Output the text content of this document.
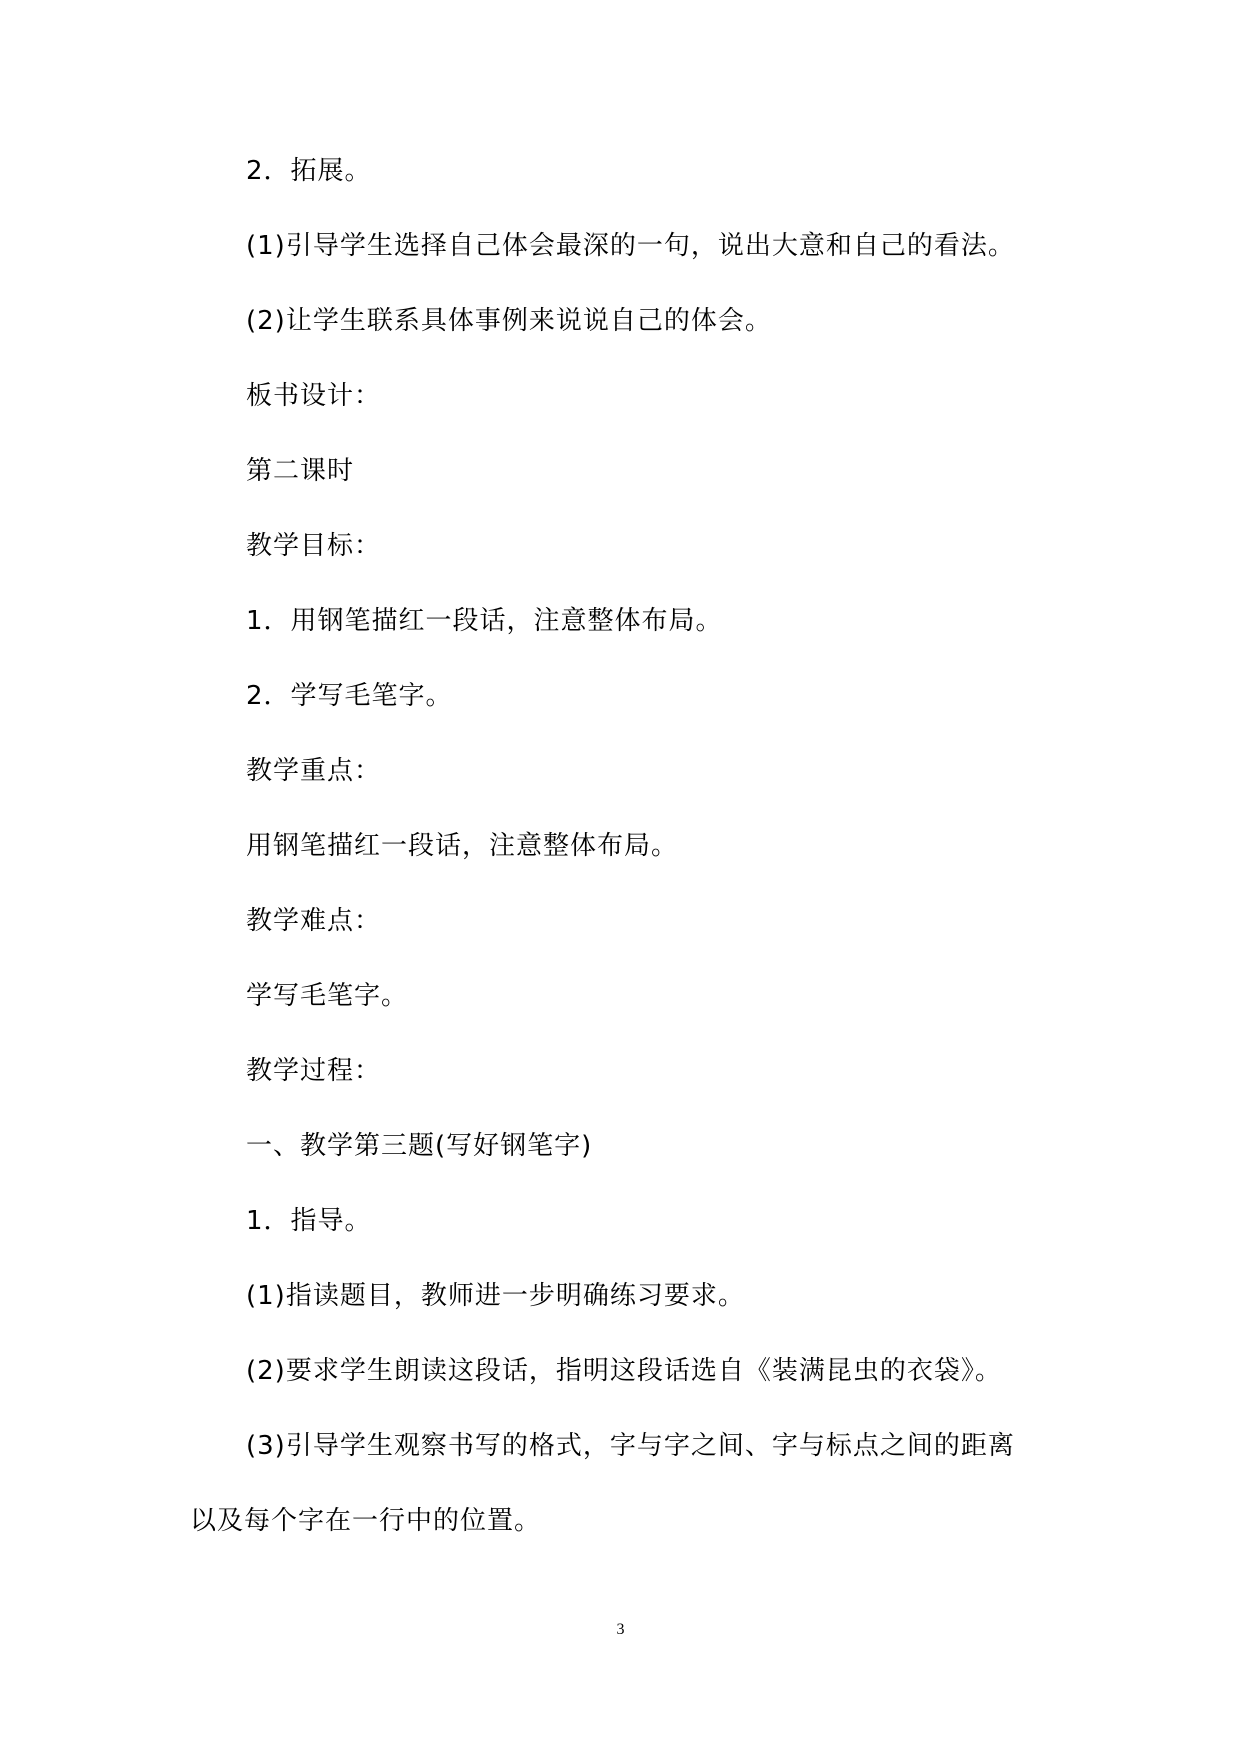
2．拓展。
(1)引导学生选择自己体会最深的一句，说出大意和自己的看法。
(2)让学生联系具体事例来说说自己的体会。
板书设计：
第二课时
教学目标：
1．用钢笔描红一段话，注意整体布局。
2．学写毛笔字。
教学重点：
用钢笔描红一段话，注意整体布局。
教学难点：
学写毛笔字。
教学过程：
一、教学第三题(写好钢笔字)
1．指导。
(1)指读题目，教师进一步明确练习要求。
(2)要求学生朗读这段话，指明这段话选自《装满昆虫的衣袋》。
(3)引导学生观察书写的格式，字与字之间、字与标点之间的距离
以及每个字在一行中的位置。
3
